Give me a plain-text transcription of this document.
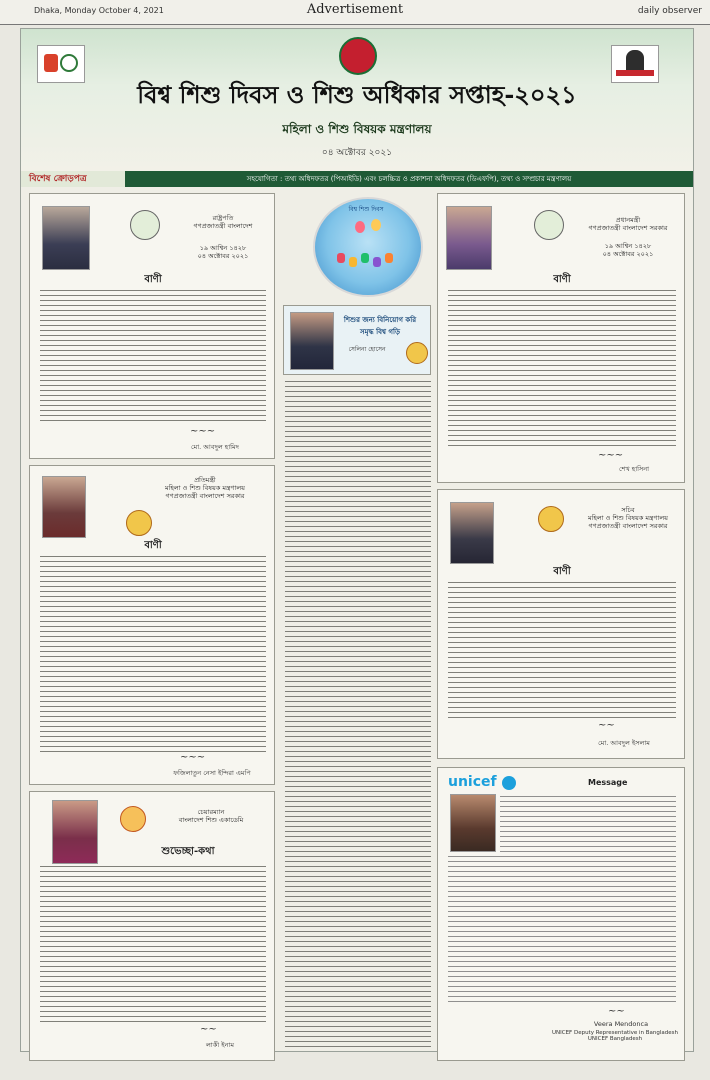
Dhaka, Monday October 4, 2021	Advertisement	daily observer
বিশ্ব শিশু দিবস ও শিশু অধিকার সপ্তাহ-২০২১
মহিলা ও শিশু বিষয়ক মন্ত্রণালয়
০৪ অক্টোবর ২০২১
বিশেষ ক্রোড়পত্র	সহযোগিতা : তথ্য অধিদফতর (পিআইডি) এবং চলচ্চিত্র ও প্রকাশনা অধিদফতর (ডিএফপি), তথ্য ও সম্প্রচার মন্ত্রণালয়
রাষ্ট্রপতি
গণপ্রজাতন্ত্রী বাংলাদেশ
১৯ আশ্বিন ১৪২৮
০৪ অক্টোবর ২০২১
বাণী
~~~
মো. আবদুল হামিদ
প্রতিমন্ত্রী
মহিলা ও শিশু বিষয়ক মন্ত্রণালয়
গণপ্রজাতন্ত্রী বাংলাদেশ সরকার
বাণী
~~~
ফজিলাতুন নেসা ইন্দিরা এমপি
চেয়ারম্যান
বাংলাদেশ শিশু একাডেমি
শুভেচ্ছা-কথা
~~
লাকী ইনাম
বিশ্ব শিশু দিবস
শিশুর জন্য বিনিয়োগ করি
সমৃদ্ধ বিশ্ব গড়ি
সেলিনা হোসেন
প্রধানমন্ত্রী
গণপ্রজাতন্ত্রী বাংলাদেশ সরকার
১৯ আশ্বিন ১৪২৮
০৪ অক্টোবর ২০২১
বাণী
~~~
শেখ হাসিনা
সচিব
মহিলা ও শিশু বিষয়ক মন্ত্রণালয়
গণপ্রজাতন্ত্রী বাংলাদেশ সরকার
বাণী
~~
মো. আবদুল ইসলাম
unicef	Message
~~
Veera Mendonca
UNICEF Deputy Representative in Bangladesh
UNICEF Bangladesh
